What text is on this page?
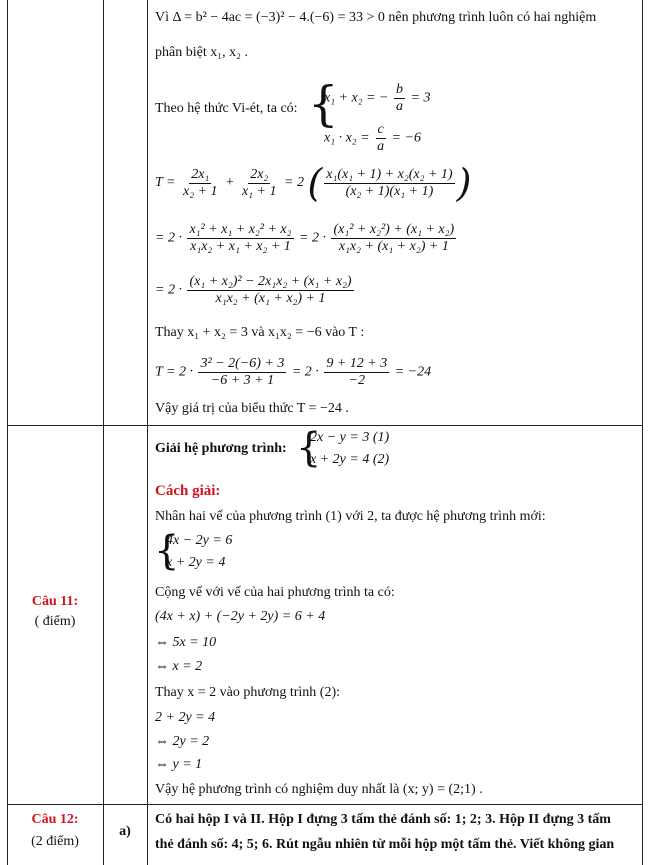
Vì Δ = b² − 4ac = (−3)² − 4.(−6) = 33 > 0 nên phương trình luôn có hai nghiệm
phân biệt x₁, x₂ .
Theo hệ thức Vi-ét, ta có: {
x₁ + x₂ = − $\frac{b}{a} = 3$
$x_1 \cdot x_2 = \frac{c}{a} = -6$
$T = \frac{\text{2x₁}}{\text{x₂ + 1}} + \frac{\text{2x₂}}{\text{x₁ + 1}} = 2$ ( $\frac{\text{x₁(x₁ + 1) + x₂(x₂ + 1)}}{\text{(x₂ + 1)(x₁ + 1)}}$ )
= $2 \cdot \frac{\text{x₁² + x₁ + x₂² + x₂}}{\text{x₁x₂ + x₁ + x₂ + 1}} = 2 \cdot \frac{\text{(x₁² + x₂²) + (x₁ + x₂)}}{\text{x₁x₂ + (x₁ + x₂) + 1}}$
= $2 \cdot \frac{\text{(x₁ + x₂)² − 2x₁x₂ + (x₁ + x₂)}}{\text{x₁x₂ + (x₁ + x₂) + 1}}$
Thay x₁ + x₂ = 3 và x₁x₂ = −6 vào T :
$T = 2 \cdot \frac{\text{3² − 2(−6) + 3}}{-6 + 3 + 1} = 2 \cdot \frac{9 + 12 + 3}{-2} = -24$
Vậy giá trị của biểu thức T = −24 .
Câu 11:
( điểm)
Giải hệ phương trình: {
2x − y = 3 (1)
x + 2y = 4 (2)
Cách giải:
Nhân hai vế của phương trình (1) với 2, ta được hệ phương trình mới:
{
4x − 2y = 6
x + 2y = 4
Cộng vế với vế của hai phương trình ta có:
(4x + x) + (−2y + 2y) = 6 + 4
⇔ 5x = 10
⇔ x = 2
Thay x = 2 vào phương trình (2):
2 + 2y = 4
⇔ 2y = 2
⇔ y = 1
Vậy hệ phương trình có nghiệm duy nhất là (x; y) = (2;1) .
Câu 12:
(2 điểm)
a)
Có hai hộp I và II. Hộp I đựng 3 tấm thẻ đánh số: 1; 2; 3. Hộp II đựng 3 tấm
thẻ đánh số: 4; 5; 6. Rút ngẫu nhiên từ mỗi hộp một tấm thẻ. Viết không gian
